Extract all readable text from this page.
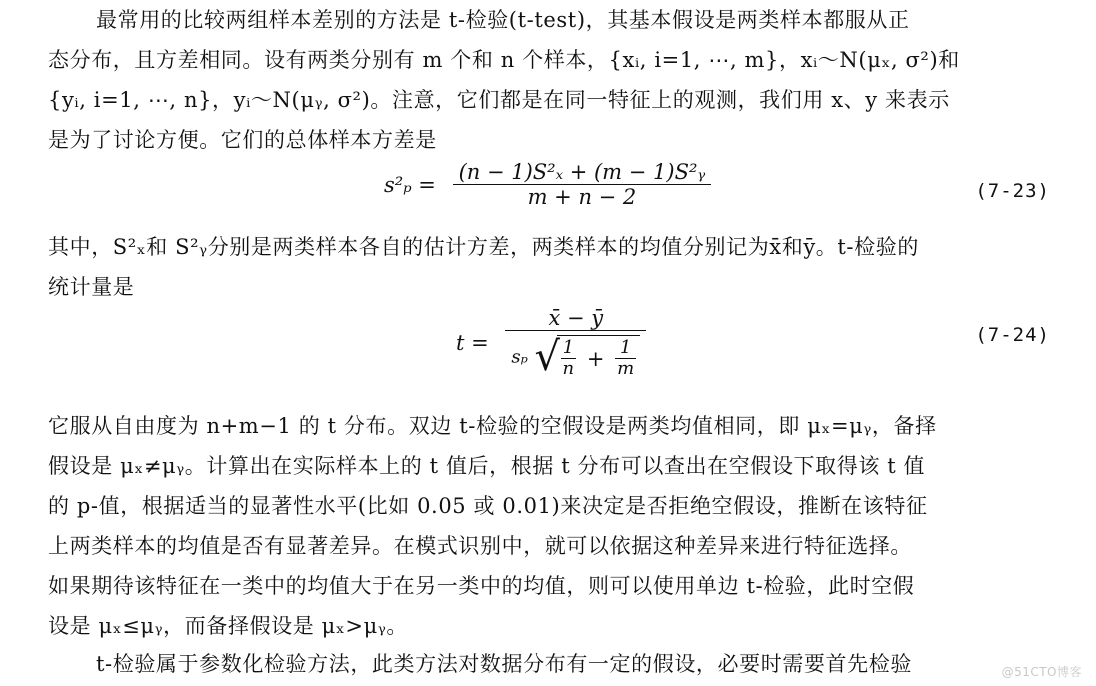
最常用的比较两组样本差别的方法是 t-检验(t-test)，其基本假设是两类样本都服从正
态分布，且方差相同。设有两类分别有 m 个和 n 个样本，{xᵢ, i=1, ⋯, m}，xᵢ～N(μₓ, σ²)和
{yᵢ, i=1, ⋯, n}，yᵢ～N(μᵧ, σ²)。注意，它们都是在同一特征上的观测，我们用 x、y 来表示
是为了讨论方便。它们的总体样本方差是
$s^2_p = \frac{\text{(n − 1)S²ₓ + (m − 1)S²ᵧ}}{m + n - 2}$	(7-23)
其中，S²ₓ和 S²ᵧ分别是两类样本各自的估计方差，两类样本的均值分别记为x̄和ȳ。t-检验的
统计量是
t =
x̄ − ȳ
sₚ √ $\frac{1}{n} + \frac{1}{m}$
(7-24)
它服从自由度为 n+m−1 的 t 分布。双边 t-检验的空假设是两类均值相同，即 μₓ=μᵧ，备择
假设是 μₓ≠μᵧ。计算出在实际样本上的 t 值后，根据 t 分布可以查出在空假设下取得该 t 值
的 p-值，根据适当的显著性水平(比如 0.05 或 0.01)来决定是否拒绝空假设，推断在该特征
上两类样本的均值是否有显著差异。在模式识别中，就可以依据这种差异来进行特征选择。
如果期待该特征在一类中的均值大于在另一类中的均值，则可以使用单边 t-检验，此时空假
设是 μₓ≤μᵧ，而备择假设是 μₓ>μᵧ。
t-检验属于参数化检验方法，此类方法对数据分布有一定的假设，必要时需要首先检验	@51CTO博客
